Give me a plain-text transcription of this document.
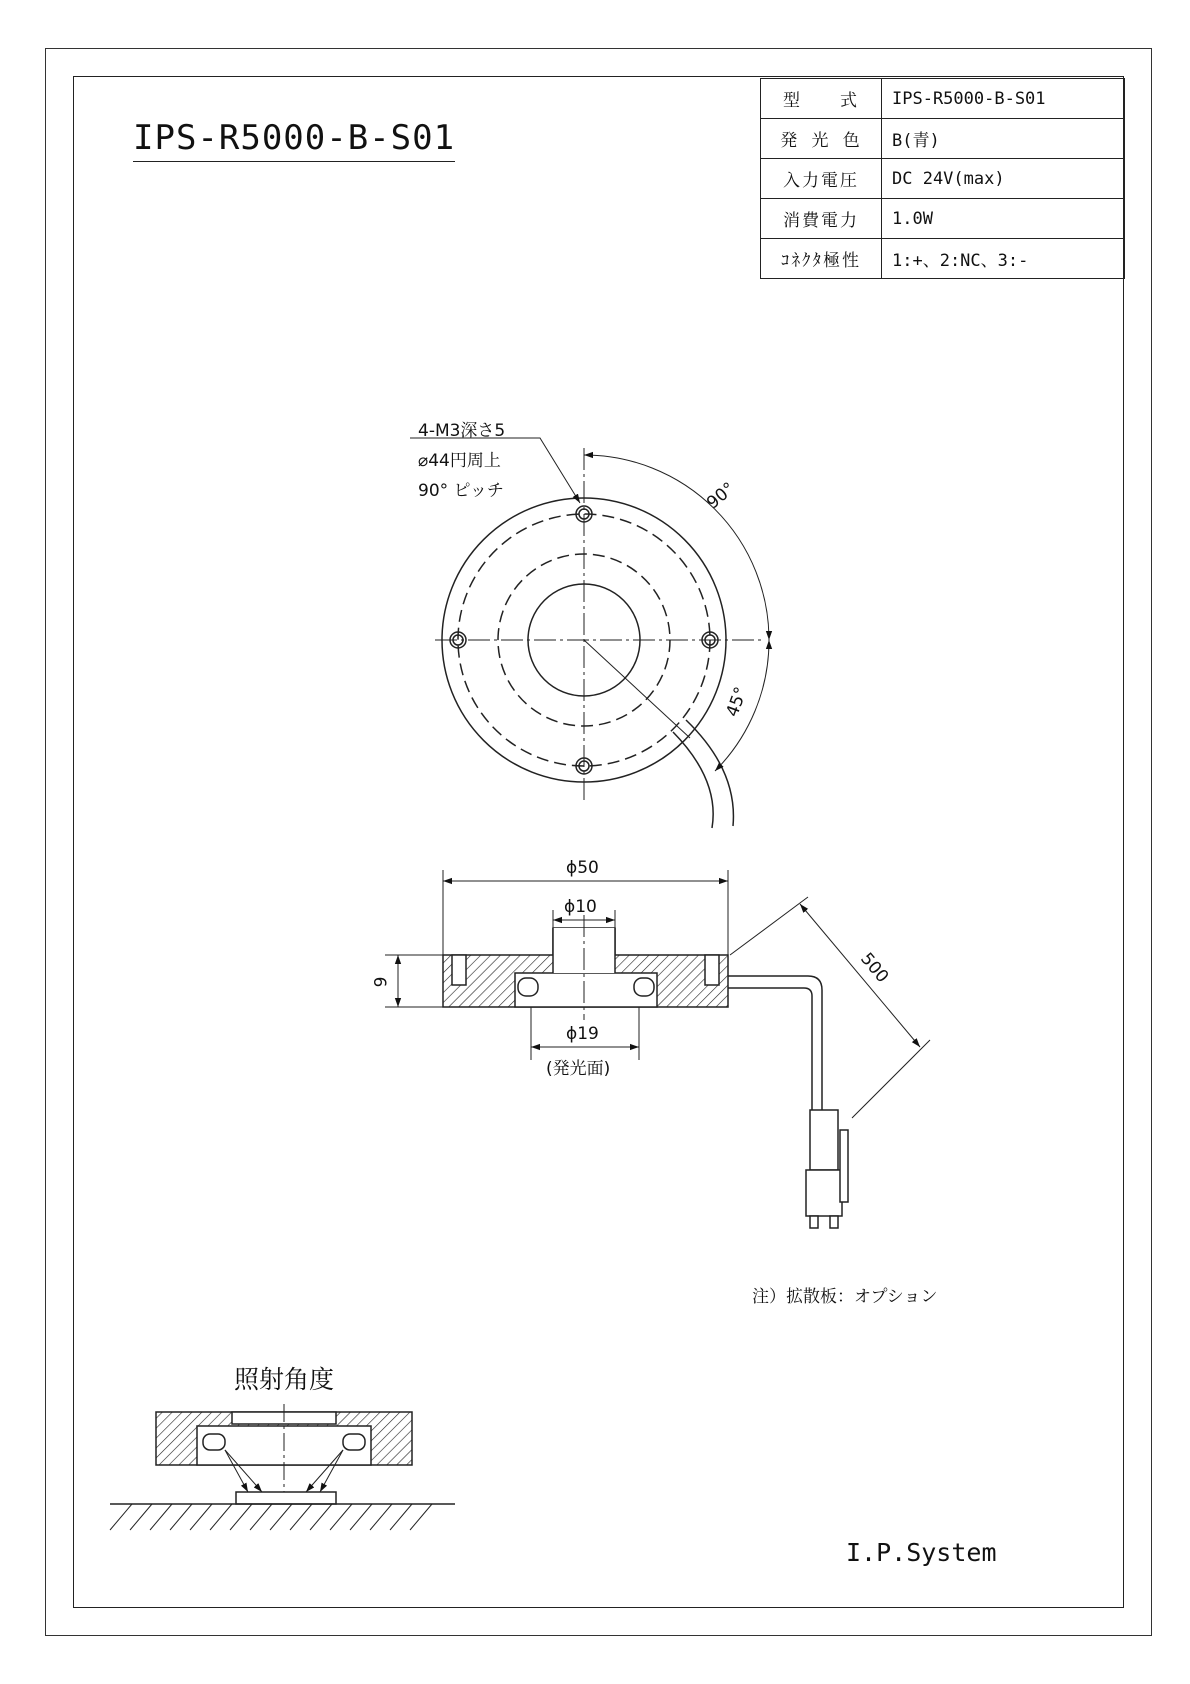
IPS-R5000-B-S01
型　　式	IPS-R5000-B-S01
発 光 色	B(青)
入力電圧	DC 24V(max)
消費電力	1.0W
ｺﾈｸﾀ極性	1:+、2:NC、3:-
4-M3深さ5
⌀44円周上
90° ピッチ	90°
45°
ϕ50
ϕ10
ϕ19
(発光面)
9	500
注）拡散板：オプション
照射角度
I.P.System
